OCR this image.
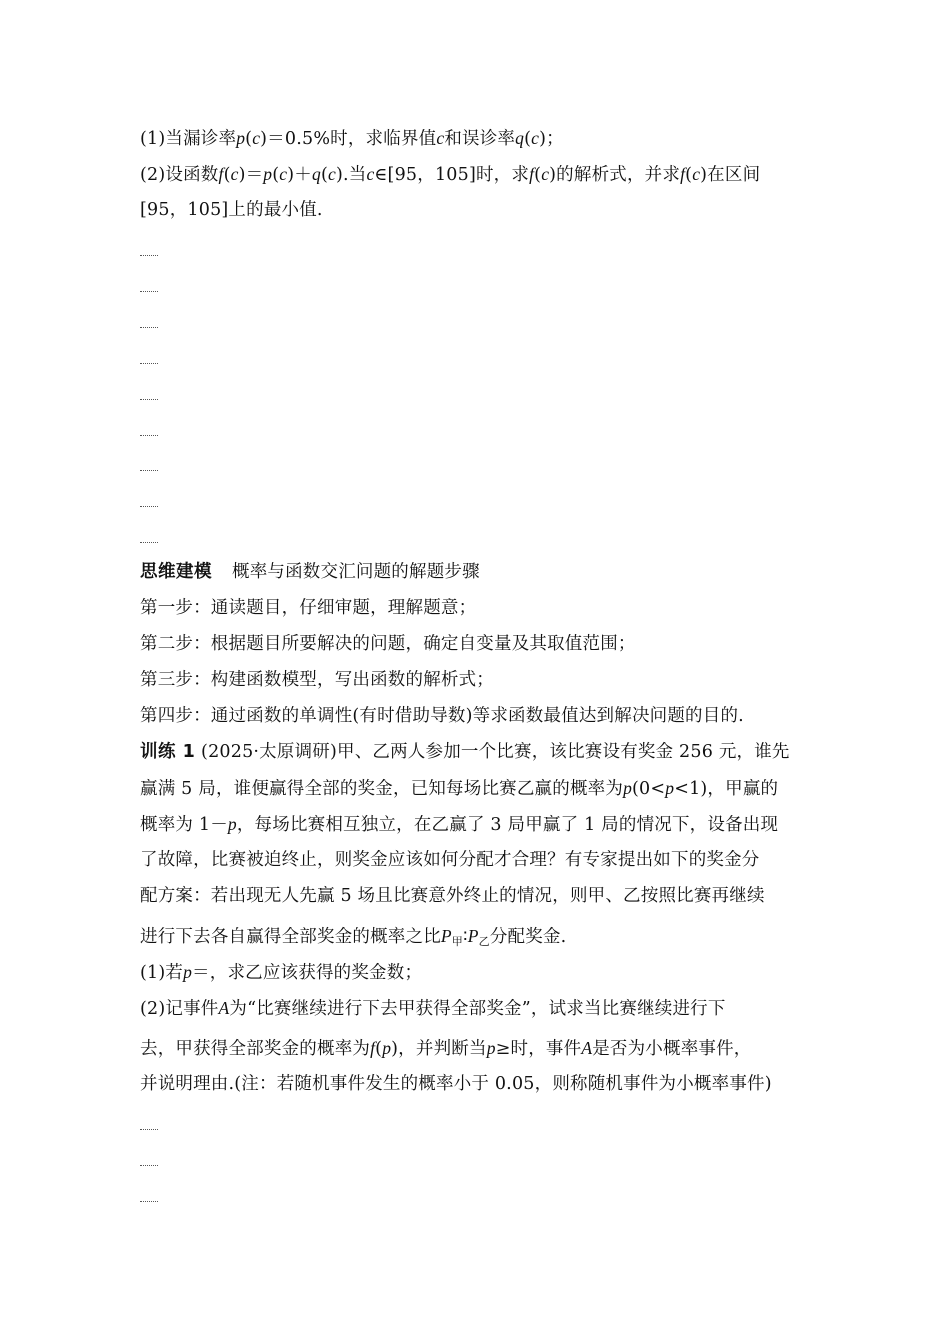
(1)当漏诊率p(c)＝0.5%时，求临界值c和误诊率q(c)；
(2)设函数f(c)＝p(c)＋q(c).当c∈[95，105]时，求f(c)的解析式，并求f(c)在区间
[95，105]上的最小值.
思维建模 概率与函数交汇问题的解题步骤
第一步：通读题目，仔细审题，理解题意；
第二步：根据题目所要解决的问题，确定自变量及其取值范围；
第三步：构建函数模型，写出函数的解析式；
第四步：通过函数的单调性(有时借助导数)等求函数最值达到解决问题的目的.
训练 1 (2025·太原调研)甲、乙两人参加一个比赛，该比赛设有奖金 256 元，谁先
赢满 5 局，谁便赢得全部的奖金，已知每场比赛乙赢的概率为p(0<p<1)，甲赢的
概率为 1－p，每场比赛相互独立，在乙赢了 3 局甲赢了 1 局的情况下，设备出现
了故障，比赛被迫终止，则奖金应该如何分配才合理？有专家提出如下的奖金分
配方案：若出现无人先赢 5 场且比赛意外终止的情况，则甲、乙按照比赛再继续
进行下去各自赢得全部奖金的概率之比$P_甲∶P_乙$分配奖金.
(1)若p＝，求乙应该获得的奖金数；
(2)记事件A为“比赛继续进行下去甲获得全部奖金”，试求当比赛继续进行下
去，甲获得全部奖金的概率为f(p)，并判断当p≥时，事件A是否为小概率事件，
并说明理由.(注：若随机事件发生的概率小于 0.05，则称随机事件为小概率事件)
